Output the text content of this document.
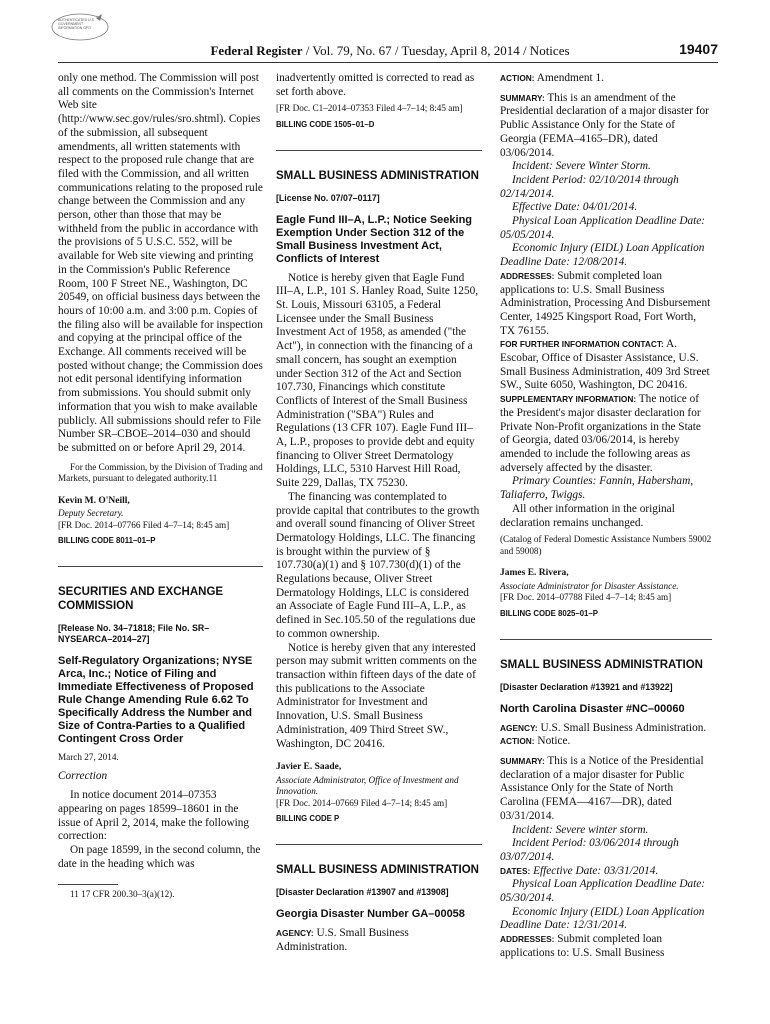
AUTHENTICATED U.S. GOVERNMENT INFORMATION GPO
Federal Register / Vol. 79, No. 67 / Tuesday, April 8, 2014 / Notices	19407

only one method. The Commission will post all comments on the Commission's Internet Web site (http://www.sec.gov/rules/sro.shtml). Copies of the submission, all subsequent amendments, all written statements with respect to the proposed rule change that are filed with the Commission, and all written communications relating to the proposed rule change between the Commission and any person, other than those that may be withheld from the public in accordance with the provisions of 5 U.S.C. 552, will be available for Web site viewing and printing in the Commission's Public Reference Room, 100 F Street NE., Washington, DC 20549, on official business days between the hours of 10:00 a.m. and 3:00 p.m. Copies of the filing also will be available for inspection and copying at the principal office of the Exchange. All comments received will be posted without change; the Commission does not edit personal identifying information from submissions. You should submit only information that you wish to make available publicly. All submissions should refer to File Number SR–CBOE–2014–030 and should be submitted on or before April 29, 2014.

For the Commission, by the Division of Trading and Markets, pursuant to delegated authority.11

Kevin M. O'Neill,

Deputy Secretary.

[FR Doc. 2014–07766 Filed 4–7–14; 8:45 am]

BILLING CODE 8011–01–P

SECURITIES AND EXCHANGE COMMISSION

[Release No. 34–71818; File No. SR–NYSEARCA–2014–27]

Self-Regulatory Organizations; NYSE Arca, Inc.; Notice of Filing and Immediate Effectiveness of Proposed Rule Change Amending Rule 6.62 To Specifically Address the Number and Size of Contra-Parties to a Qualified Contingent Cross Order

March 27, 2014.

Correction

In notice document 2014–07353 appearing on pages 18599–18601 in the issue of April 2, 2014, make the following correction:

On page 18599, in the second column, the date in the heading which was

11 17 CFR 200.30–3(a)(12).

inadvertently omitted is corrected to read as set forth above.

[FR Doc. C1–2014–07353 Filed 4–7–14; 8:45 am]

BILLING CODE 1505–01–D

SMALL BUSINESS ADMINISTRATION

[License No. 07/07–0117]

Eagle Fund III–A, L.P.; Notice Seeking Exemption Under Section 312 of the Small Business Investment Act, Conflicts of Interest

Notice is hereby given that Eagle Fund III–A, L.P., 101 S. Hanley Road, Suite 1250, St. Louis, Missouri 63105, a Federal Licensee under the Small Business Investment Act of 1958, as amended ("the Act"), in connection with the financing of a small concern, has sought an exemption under Section 312 of the Act and Section 107.730, Financings which constitute Conflicts of Interest of the Small Business Administration ("SBA") Rules and Regulations (13 CFR 107). Eagle Fund III–A, L.P., proposes to provide debt and equity financing to Oliver Street Dermatology Holdings, LLC, 5310 Harvest Hill Road, Suite 229, Dallas, TX 75230.

The financing was contemplated to provide capital that contributes to the growth and overall sound financing of Oliver Street Dermatology Holdings, LLC. The financing is brought within the purview of § 107.730(a)(1) and § 107.730(d)(1) of the Regulations because, Oliver Street Dermatology Holdings, LLC is considered an Associate of Eagle Fund III–A, L.P., as defined in Sec.105.50 of the regulations due to common ownership.

Notice is hereby given that any interested person may submit written comments on the transaction within fifteen days of the date of this publications to the Associate Administrator for Investment and Innovation, U.S. Small Business Administration, 409 Third Street SW., Washington, DC 20416.

Javier E. Saade,

Associate Administrator, Office of Investment and Innovation.

[FR Doc. 2014–07669 Filed 4–7–14; 8:45 am]

BILLING CODE P

SMALL BUSINESS ADMINISTRATION

[Disaster Declaration #13907 and #13908]

Georgia Disaster Number GA–00058

AGENCY: U.S. Small Business Administration.

ACTION: Amendment 1.

SUMMARY: This is an amendment of the Presidential declaration of a major disaster for Public Assistance Only for the State of Georgia (FEMA–4165–DR), dated 03/06/2014.

Incident: Severe Winter Storm.

Incident Period: 02/10/2014 through 02/14/2014.

Effective Date: 04/01/2014.

Physical Loan Application Deadline Date: 05/05/2014.

Economic Injury (EIDL) Loan Application Deadline Date: 12/08/2014.

ADDRESSES: Submit completed loan applications to: U.S. Small Business Administration, Processing And Disbursement Center, 14925 Kingsport Road, Fort Worth, TX 76155.

FOR FURTHER INFORMATION CONTACT: A. Escobar, Office of Disaster Assistance, U.S. Small Business Administration, 409 3rd Street SW., Suite 6050, Washington, DC 20416.

SUPPLEMENTARY INFORMATION: The notice of the President's major disaster declaration for Private Non-Profit organizations in the State of Georgia, dated 03/06/2014, is hereby amended to include the following areas as adversely affected by the disaster.

Primary Counties: Fannin, Habersham, Taliaferro, Twiggs.

All other information in the original declaration remains unchanged.

(Catalog of Federal Domestic Assistance Numbers 59002 and 59008)

James E. Rivera,

Associate Administrator for Disaster Assistance.

[FR Doc. 2014–07788 Filed 4–7–14; 8:45 am]

BILLING CODE 8025–01–P

SMALL BUSINESS ADMINISTRATION

[Disaster Declaration #13921 and #13922]

North Carolina Disaster #NC–00060

AGENCY: U.S. Small Business Administration.

ACTION: Notice.

SUMMARY: This is a Notice of the Presidential declaration of a major disaster for Public Assistance Only for the State of North Carolina (FEMA—4167—DR), dated 03/31/2014.

Incident: Severe winter storm.

Incident Period: 03/06/2014 through 03/07/2014.

DATES: Effective Date: 03/31/2014.

Physical Loan Application Deadline Date: 05/30/2014.

Economic Injury (EIDL) Loan Application Deadline Date: 12/31/2014.

ADDRESSES: Submit completed loan applications to: U.S. Small Business
